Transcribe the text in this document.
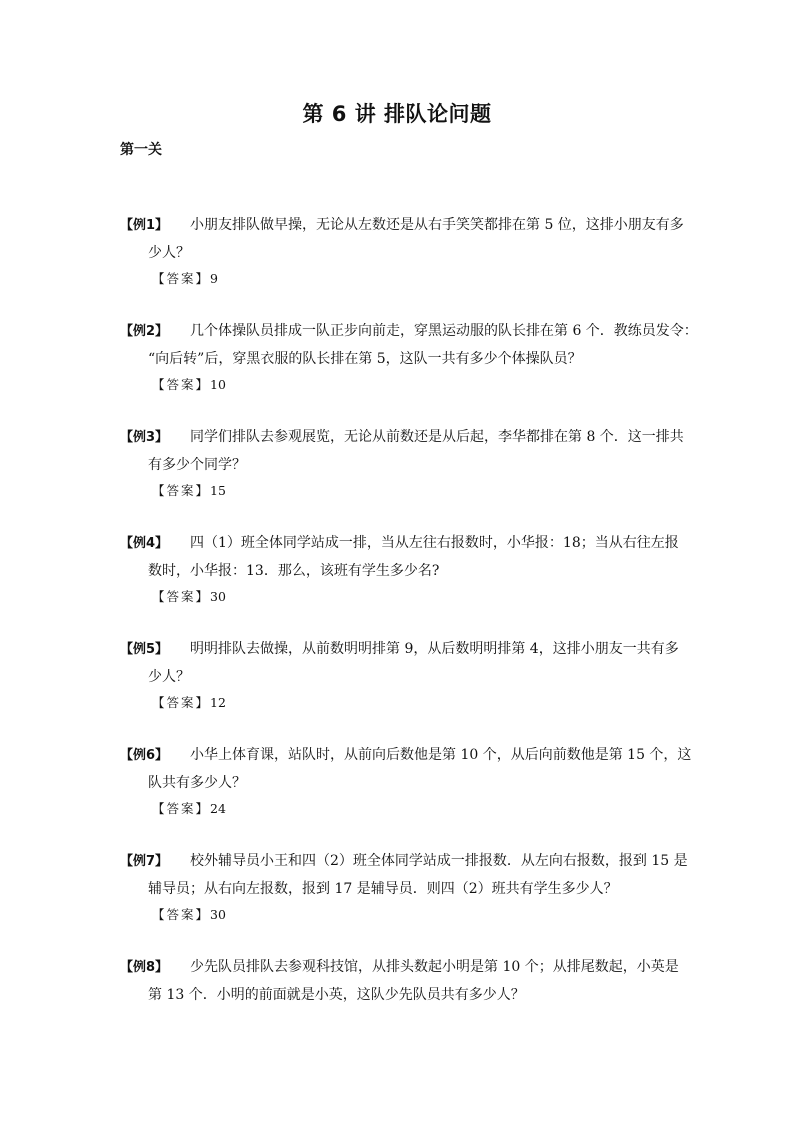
第 6 讲 排队论问题
第一关
【例1】 小朋友排队做早操，无论从左数还是从右手笑笑都排在第 5 位，这排小朋友有多
少人？
【答案】9
【例2】 几个体操队员排成一队正步向前走，穿黑运动服的队长排在第 6 个．教练员发令：
“向后转”后，穿黑衣服的队长排在第 5，这队一共有多少个体操队员？
【答案】10
【例3】 同学们排队去参观展览，无论从前数还是从后起，李华都排在第 8 个．这一排共
有多少个同学？
【答案】15
【例4】 四（1）班全体同学站成一排，当从左往右报数时，小华报：18；当从右往左报
数时，小华报：13．那么，该班有学生多少名?
【答案】30
【例5】 明明排队去做操，从前数明明排第 9，从后数明明排第 4，这排小朋友一共有多
少人？
【答案】12
【例6】 小华上体育课，站队时，从前向后数他是第 10 个，从后向前数他是第 15 个，这
队共有多少人？
【答案】24
【例7】 校外辅导员小王和四（2）班全体同学站成一排报数．从左向右报数，报到 15 是
辅导员；从右向左报数，报到 17 是辅导员．则四（2）班共有学生多少人？
【答案】30
【例8】 少先队员排队去参观科技馆，从排头数起小明是第 10 个；从排尾数起，小英是
第 13 个．小明的前面就是小英，这队少先队员共有多少人？
